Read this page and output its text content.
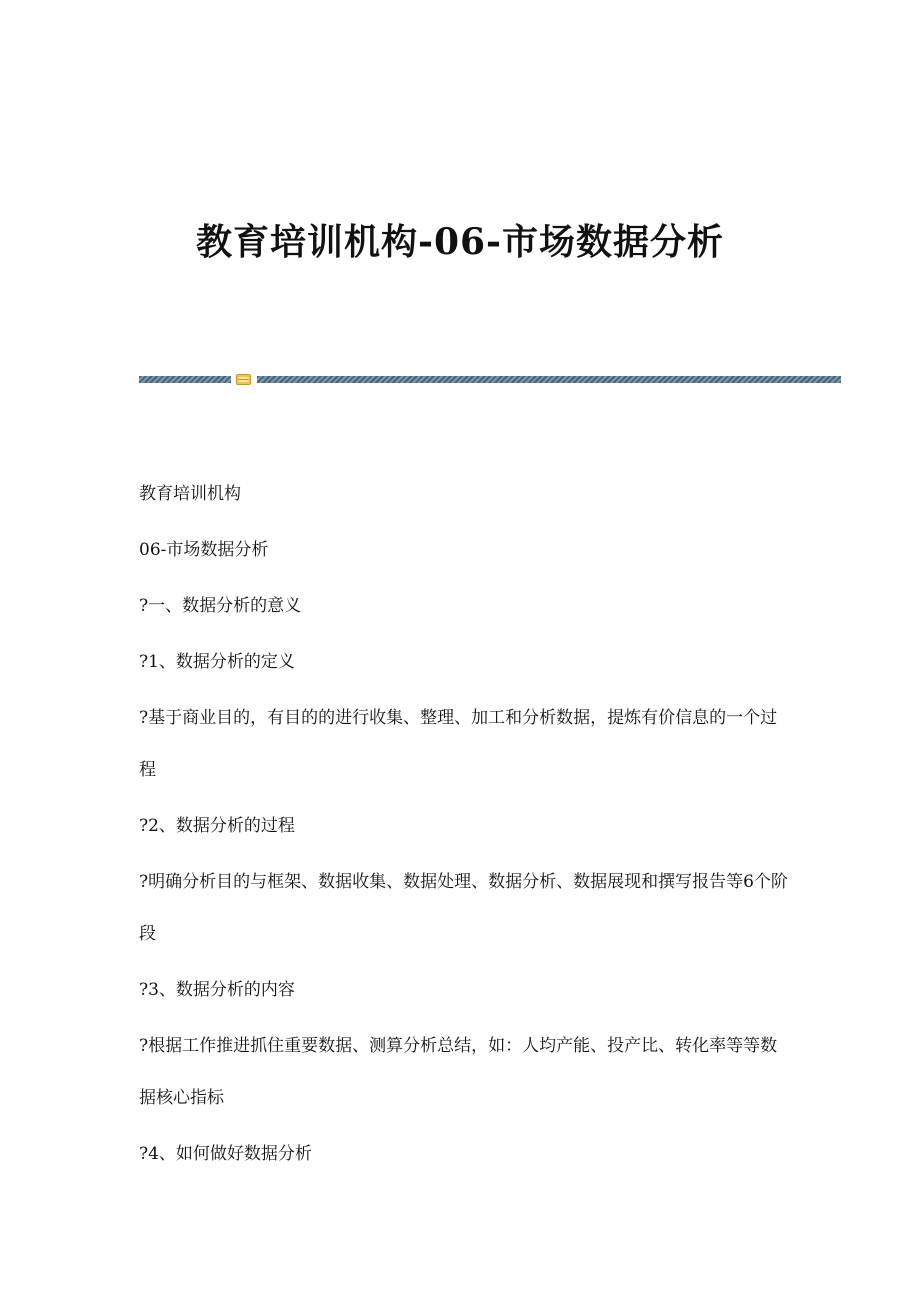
教育培训机构-06-市场数据分析

教育培训机构

06-市场数据分析

?一、数据分析的意义

?1、数据分析的定义

?基于商业目的，有目的的进行收集、整理、加工和分析数据，提炼有价信息的一个过程

?2、数据分析的过程

?明确分析目的与框架、数据收集、数据处理、数据分析、数据展现和撰写报告等6个阶段

?3、数据分析的内容

?根据工作推进抓住重要数据、测算分析总结，如：人均产能、投产比、转化率等等数据核心指标

?4、如何做好数据分析
